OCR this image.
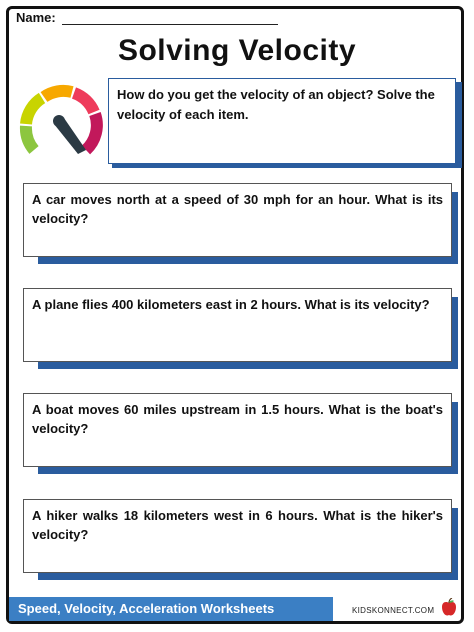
Name:
Solving Velocity
How do you get the velocity of an object? Solve the velocity of each item.
A car moves north at a speed of 30 mph for an hour. What is its velocity?
A plane flies 400 kilometers east in 2 hours. What is its velocity?
A boat moves 60 miles upstream in 1.5 hours. What is the boat's velocity?
A hiker walks 18 kilometers west in 6 hours. What is the hiker's velocity?
Speed, Velocity, Acceleration Worksheets	KIDSKONNECT.COM
